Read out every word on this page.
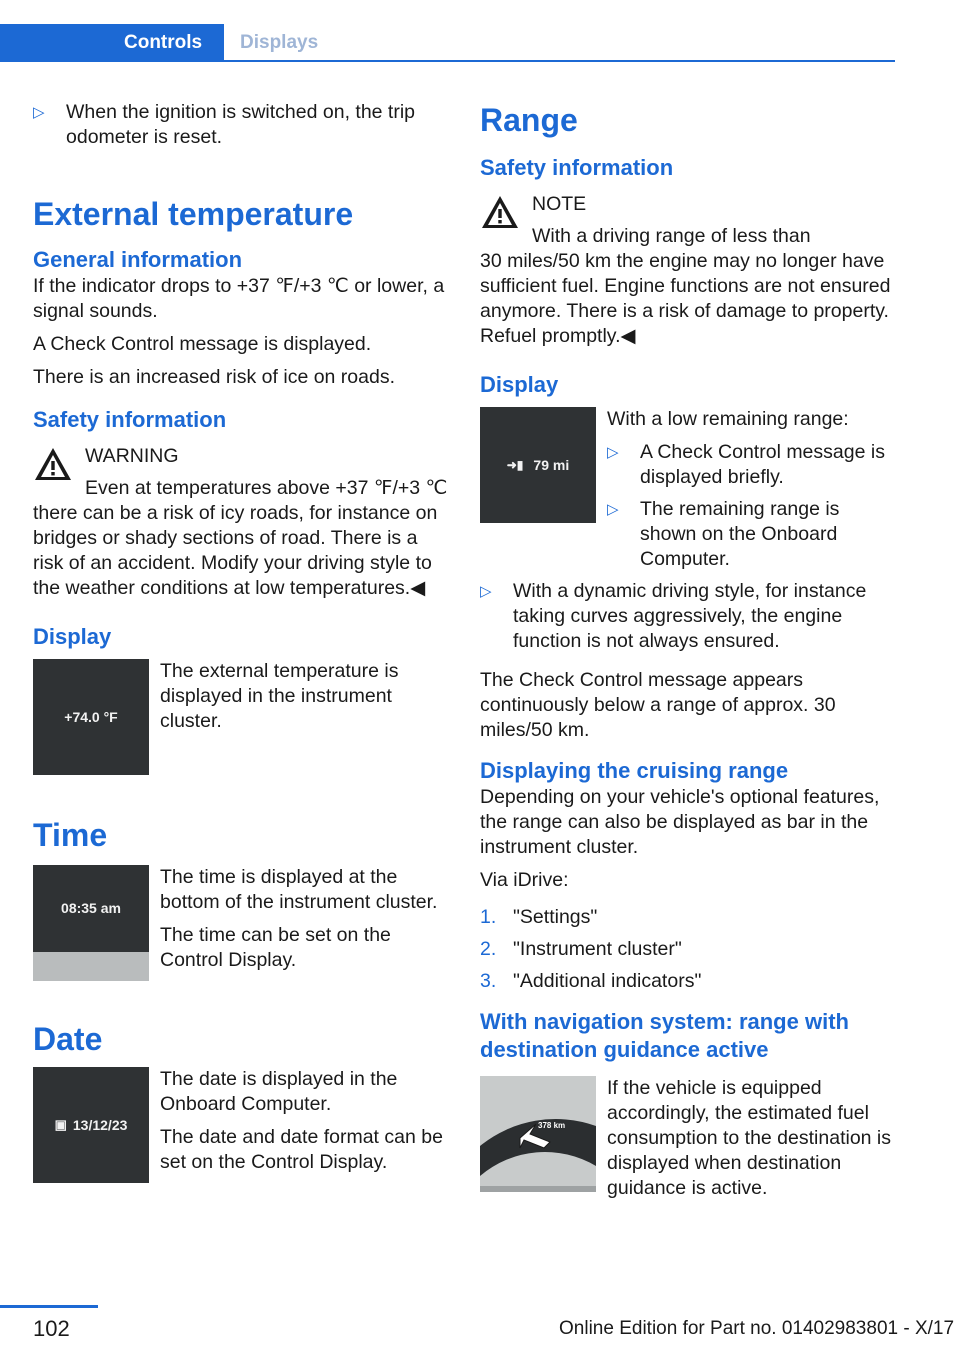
Controls	Displays
▷ When the ignition is switched on, the trip odometer is reset.
External temperature
General information
If the indicator drops to +37 ℉/+3 ℃ or lower, a signal sounds.
A Check Control message is displayed.
There is an increased risk of ice on roads.
Safety information
WARNING
Even at temperatures above +37 ℉/+3 ℃
there can be a risk of icy roads, for instance on bridges or shady sections of road. There is a risk of an accident. Modify your driving style to the weather conditions at low temperatures.◀
Display
+74.0 °F
The external temperature is displayed in the instrument cluster.
Time
08:35 am
The time is displayed at the bottom of the instrument cluster.
The time can be set on the Control Display.
Date
▣ 13/12/23
The date is displayed in the Onboard Computer.
The date and date format can be set on the Control Display.
Range
Safety information
NOTE
With a driving range of less than
30 miles/50 km the engine may no longer have sufficient fuel. Engine functions are not ensured anymore. There is a risk of damage to property. Refuel promptly.◀
Display
➜▮ 79 mi
With a low remaining range:
▷ A Check Control message is displayed briefly.
▷ The remaining range is shown on the Onboard Computer.
▷ With a dynamic driving style, for instance taking curves aggressively, the engine function is not always ensured.
The Check Control message appears continuously below a range of approx. 30 miles/50 km.
Displaying the cruising range
Depending on your vehicle's optional features, the range can also be displayed as bar in the instrument cluster.
Via iDrive:
1. "Settings"
2. "Instrument cluster"
3. "Additional indicators"
With navigation system: range with destination guidance active
378 km
If the vehicle is equipped accordingly, the estimated fuel consumption to the destination is displayed when destination guidance is active.
102	Online Edition for Part no. 01402983801 - X/17
